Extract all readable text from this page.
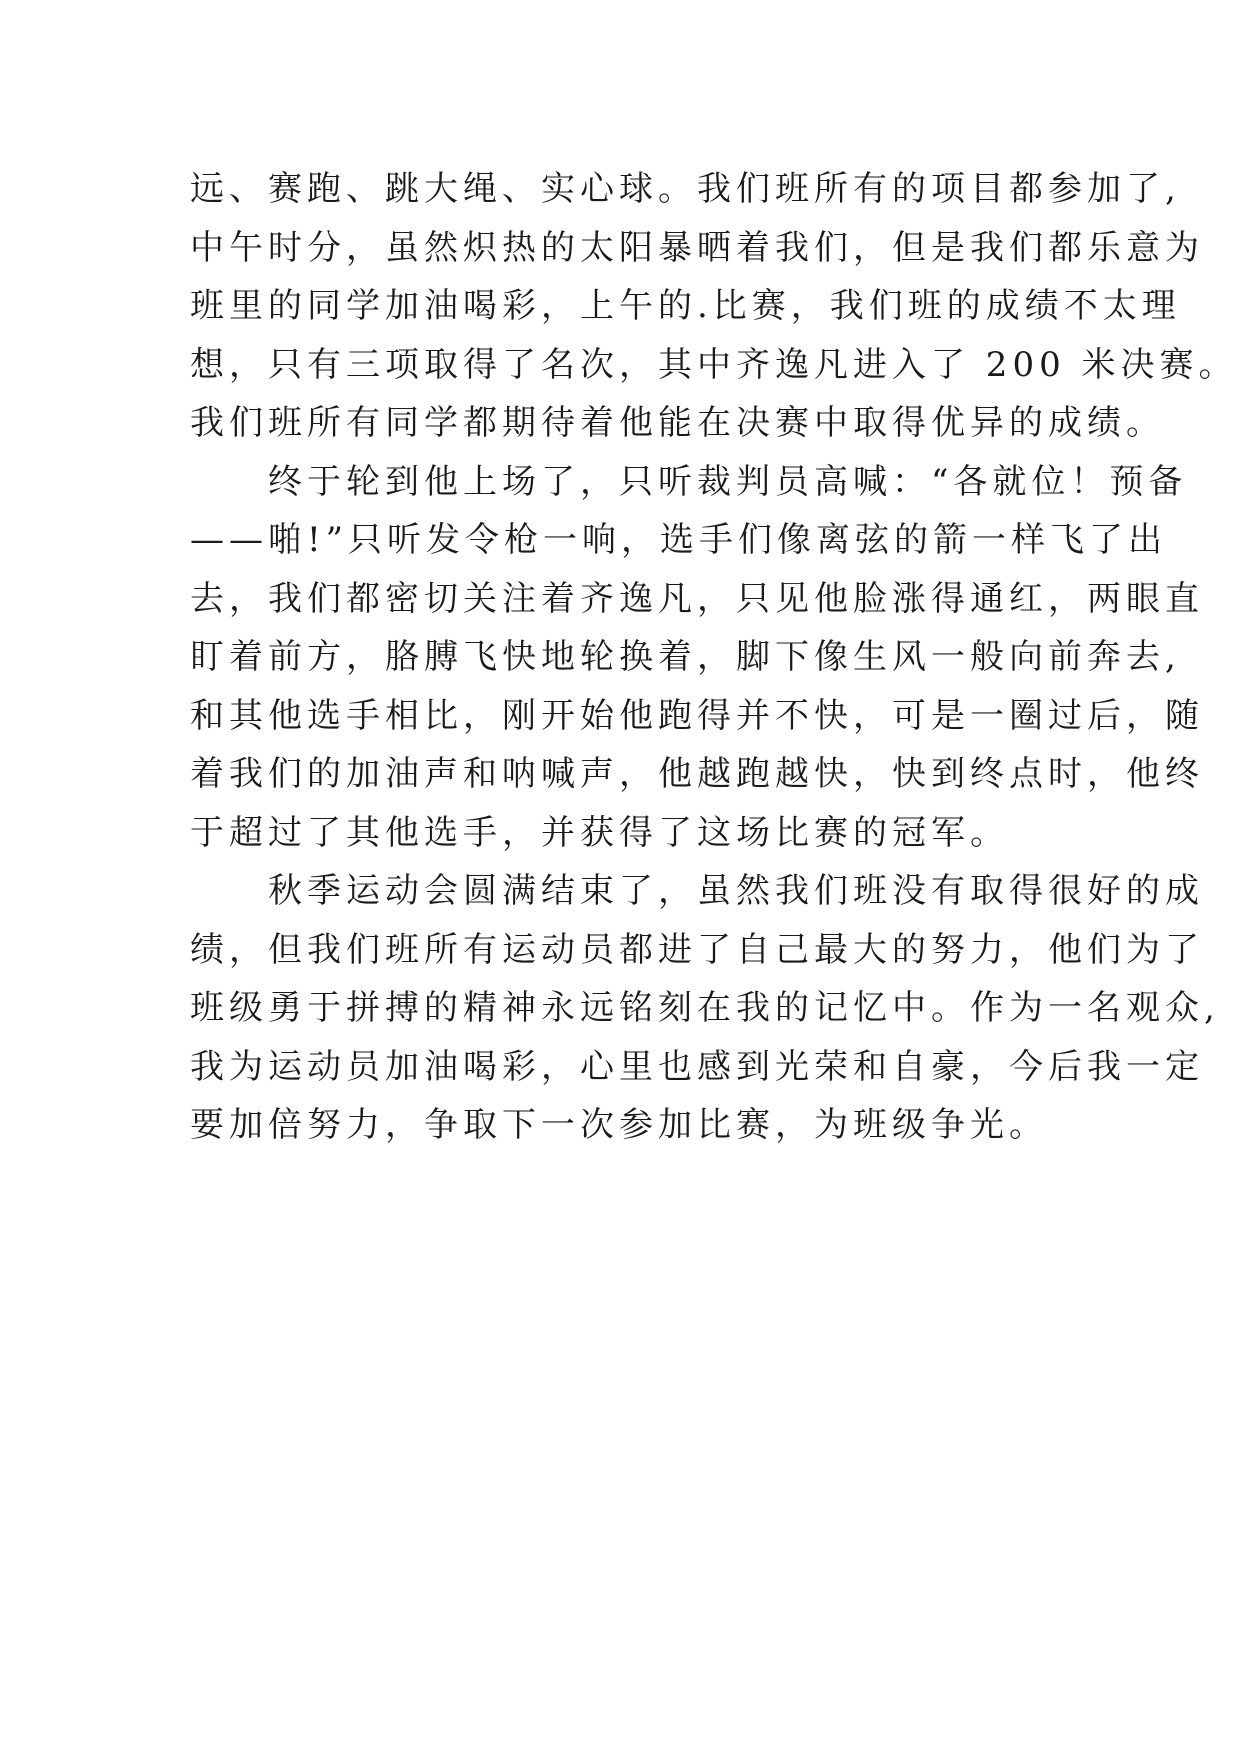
远、赛跑、跳大绳、实心球。我们班所有的项目都参加了,
中午时分，虽然炽热的太阳暴晒着我们，但是我们都乐意为
班里的同学加油喝彩，上午的.比赛，我们班的成绩不太理
想，只有三项取得了名次，其中齐逸凡进入了 200 米决赛。
我们班所有同学都期待着他能在决赛中取得优异的成绩。
　　终于轮到他上场了，只听裁判员高喊：“各就位！预备
——啪!”只听发令枪一响，选手们像离弦的箭一样飞了出
去，我们都密切关注着齐逸凡，只见他脸涨得通红，两眼直
盯着前方，胳膊飞快地轮换着，脚下像生风一般向前奔去,
和其他选手相比，刚开始他跑得并不快，可是一圈过后，随
着我们的加油声和呐喊声，他越跑越快，快到终点时，他终
于超过了其他选手，并获得了这场比赛的冠军。
　　秋季运动会圆满结束了，虽然我们班没有取得很好的成
绩，但我们班所有运动员都进了自己最大的努力，他们为了
班级勇于拼搏的精神永远铭刻在我的记忆中。作为一名观众,
我为运动员加油喝彩，心里也感到光荣和自豪，今后我一定
要加倍努力，争取下一次参加比赛，为班级争光。
